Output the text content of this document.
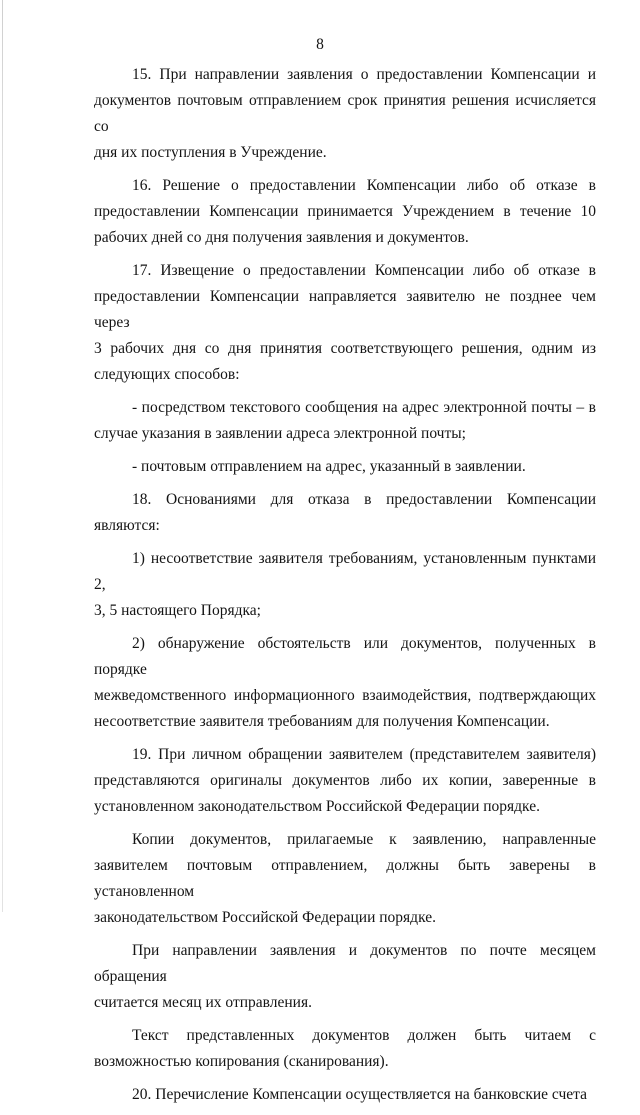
8
15. При направлении заявления о предоставлении Компенсации и
документов почтовым отправлением срок принятия решения исчисляется со
дня их поступления в Учреждение.
16. Решение о предоставлении Компенсации либо об отказе в
предоставлении Компенсации принимается Учреждением в течение 10
рабочих дней со дня получения заявления и документов.
17. Извещение о предоставлении Компенсации либо об отказе в
предоставлении Компенсации направляется заявителю не позднее чем через
3 рабочих дня со дня принятия соответствующего решения, одним из
следующих способов:
- посредством текстового сообщения на адрес электронной почты – в
случае указания в заявлении адреса электронной почты;
- почтовым отправлением на адрес, указанный в заявлении.
18. Основаниями для отказа в предоставлении Компенсации являются:
1) несоответствие заявителя требованиям, установленным пунктами 2,
3, 5 настоящего Порядка;
2) обнаружение обстоятельств или документов, полученных в порядке
межведомственного информационного взаимодействия, подтверждающих
несоответствие заявителя требованиям для получения Компенсации.
19. При личном обращении заявителем (представителем заявителя)
представляются оригиналы документов либо их копии, заверенные в
установленном законодательством Российской Федерации порядке.
Копии документов, прилагаемые к заявлению, направленные
заявителем почтовым отправлением, должны быть заверены в установленном
законодательством Российской Федерации порядке.
При направлении заявления и документов по почте месяцем обращения
считается месяц их отправления.
Текст представленных документов должен быть читаем с
возможностью копирования (сканирования).
20. Перечисление Компенсации осуществляется на банковские счета
